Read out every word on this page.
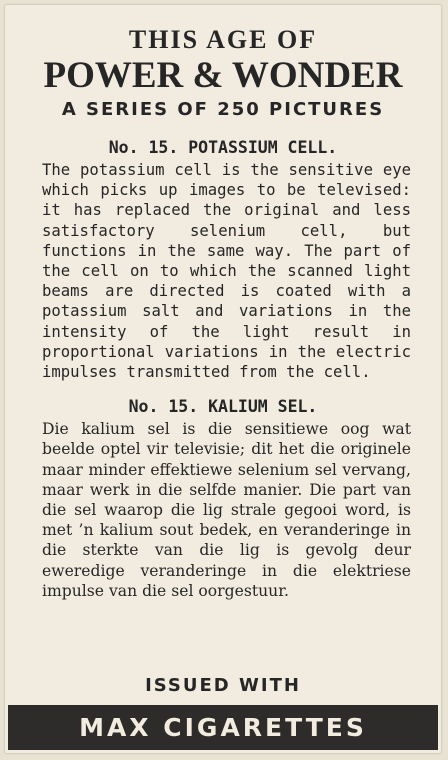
THIS AGE OF
POWER & WONDER
A SERIES OF 250 PICTURES
No. 15. POTASSIUM CELL.

The potassium cell is the sensitive eye which picks up images to be televised: it has replaced the original and less satisfactory selenium cell, but functions in the same way. The part of the cell on to which the scanned light beams are directed is coated with a potassium salt and variations in the intensity of the light result in proportional variations in the electric impulses transmitted from the cell.

No. 15. KALIUM SEL.

Die kalium sel is die sensitiewe oog wat beelde optel vir televisie; dit het die originele maar minder effektiewe selenium sel vervang, maar werk in die selfde manier. Die part van die sel waarop die lig strale gegooi word, is met ’n kalium sout bedek, en veranderinge in die sterkte van die lig is gevolg deur eweredige veranderinge in die elektriese impulse van die sel oorgestuur.

ISSUED WITH
MAX CIGARETTES
